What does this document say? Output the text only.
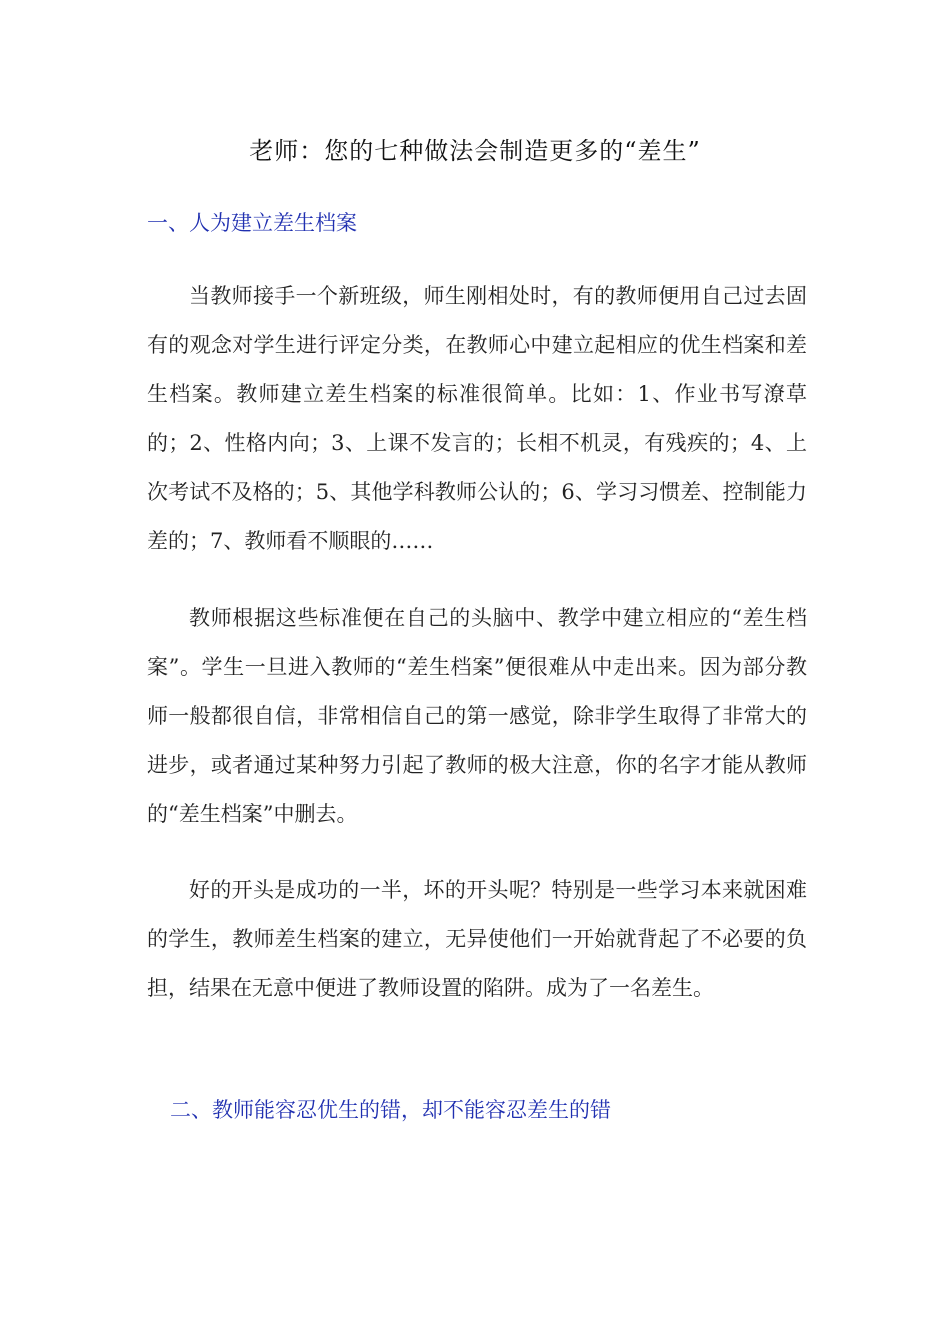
老师：您的七种做法会制造更多的“差生”
一、人为建立差生档案

当教师接手一个新班级，师生刚相处时，有的教师便用自己过去固有的观念对学生进行评定分类，在教师心中建立起相应的优生档案和差生档案。教师建立差生档案的标准很简单。比如：1、作业书写潦草的；2、性格内向；3、上课不发言的；长相不机灵，有残疾的；4、上次考试不及格的；5、其他学科教师公认的；6、学习习惯差、控制能力差的；7、教师看不顺眼的……

教师根据这些标准便在自己的头脑中、教学中建立相应的“差生档案”。学生一旦进入教师的“差生档案”便很难从中走出来。因为部分教师一般都很自信，非常相信自己的第一感觉，除非学生取得了非常大的进步，或者通过某种努力引起了教师的极大注意，你的名字才能从教师的“差生档案”中删去。

好的开头是成功的一半，坏的开头呢？特别是一些学习本来就困难的学生，教师差生档案的建立，无异使他们一开始就背起了不必要的负担，结果在无意中便进了教师设置的陷阱。成为了一名差生。

二、教师能容忍优生的错，却不能容忍差生的错
